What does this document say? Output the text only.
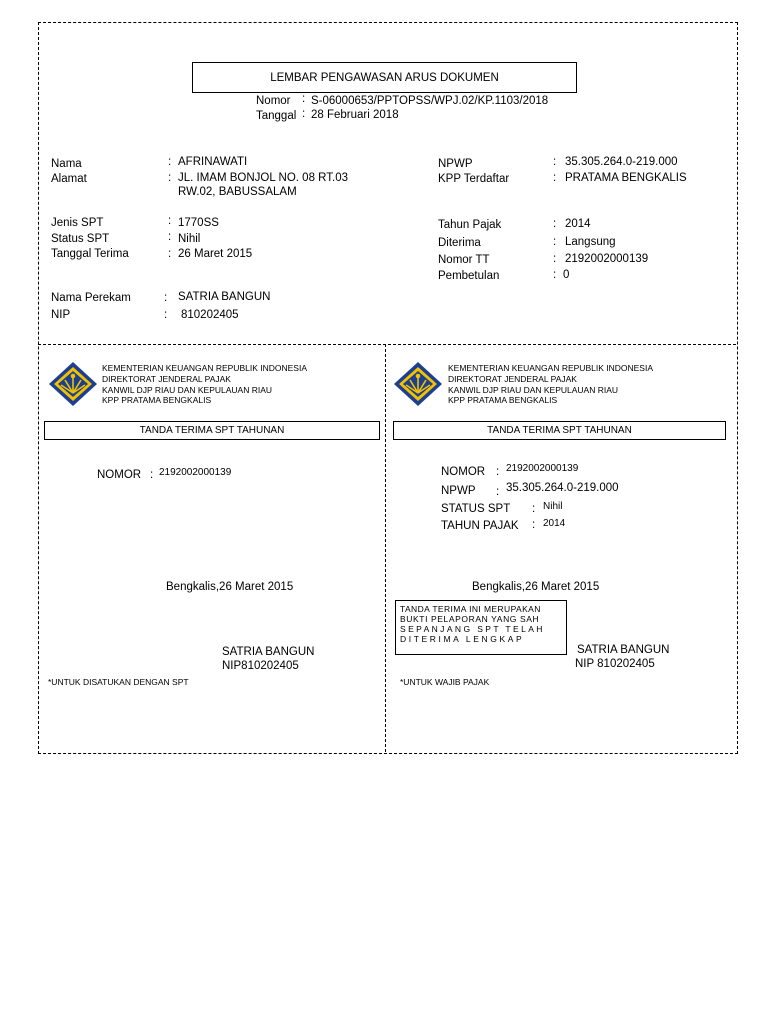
LEMBAR PENGAWASAN ARUS DOKUMEN
Nomor : S-06000653/PPTOPSS/WPJ.02/KP.1103/2018
Tanggal : 28 Februari 2018
Nama	: AFRINAWATI
Alamat	: JL. IMAM BONJOL NO. 08 RT.03
RW.02, BABUSSALAM
Jenis SPT	: 1770SS
Status SPT	: Nihil
Tanggal Terima	: 26 Maret 2015
Nama Perekam	: SATRIA BANGUN
NIP	: 810202405
NPWP	: 35.305.264.0-219.000
KPP Terdaftar	: PRATAMA BENGKALIS
Tahun Pajak	: 2014
Diterima	: Langsung
Nomor TT	: 2192002000139
Pembetulan	: 0
KEMENTERIAN KEUANGAN REPUBLIK INDONESIA
DIREKTORAT JENDERAL PAJAK
KANWIL DJP RIAU DAN KEPULAUAN RIAU
KPP PRATAMA BENGKALIS
TANDA TERIMA SPT TAHUNAN
NOMOR : 2192002000139
Bengkalis,26 Maret 2015
SATRIA BANGUN
NIP810202405
*UNTUK DISATUKAN DENGAN SPT
KEMENTERIAN KEUANGAN REPUBLIK INDONESIA
DIREKTORAT JENDERAL PAJAK
KANWIL DJP RIAU DAN KEPULAUAN RIAU
KPP PRATAMA BENGKALIS
TANDA TERIMA SPT TAHUNAN
NOMOR : 2192002000139
NPWP : 35.305.264.0-219.000
STATUS SPT : Nihil
TAHUN PAJAK : 2014
Bengkalis,26 Maret 2015
TANDA TERIMA INI MERUPAKAN
BUKTI PELAPORAN YANG SAH
SEPANJANG SPT TELAH
DITERIMA LENGKAP
SATRIA BANGUN
NIP 810202405
*UNTUK WAJIB PAJAK
